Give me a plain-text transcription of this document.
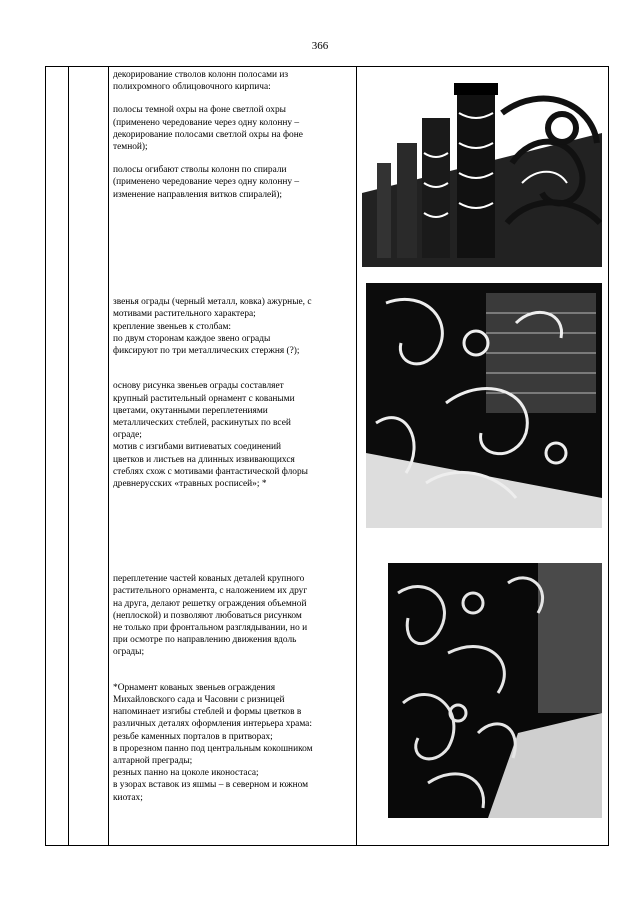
366

декорирование стволов колонн полосами из полихромного облицовочного кирпича:

полосы темной охры на фоне светлой охры (применено чередование через одну колонну – декорирование полосами светлой охры на фоне темной);

полосы огибают стволы колонн по спирали (применено чередование через одну колонну – изменение направления витков спиралей);

звенья ограды (черный металл, ковка) ажурные, с мотивами растительного характера;
крепление звеньев к столбам:
по двум сторонам каждое звено ограды фиксируют по три металлических стержня (?);

основу рисунка звеньев ограды составляет крупный растительный орнамент с коваными цветами, окутанными переплетениями металлических стеблей, раскинутых по всей ограде;
мотив с изгибами витиеватых соединений цветков и листьев на длинных извивающихся стеблях схож с мотивами фантастической флоры древнерусских «травных росписей»; *

переплетение частей кованых деталей крупного растительного орнамента, с наложением их друг на друга, делают решетку ограждения объемной (неплоской) и позволяют любоваться рисунком не только при фронтальном разглядывании, но и при осмотре по направлению движения вдоль ограды;

*Орнамент кованых звеньев ограждения Михайловского сада и Часовни с ризницей напоминает изгибы стеблей и формы цветков в различных деталях оформления интерьера храма:
резьбе каменных порталов в притворах;
в прорезном панно под центральным кокошником алтарной преграды;
резных панно на цоколе иконостаса;
в узорах вставок из яшмы – в северном и южном киотах;
